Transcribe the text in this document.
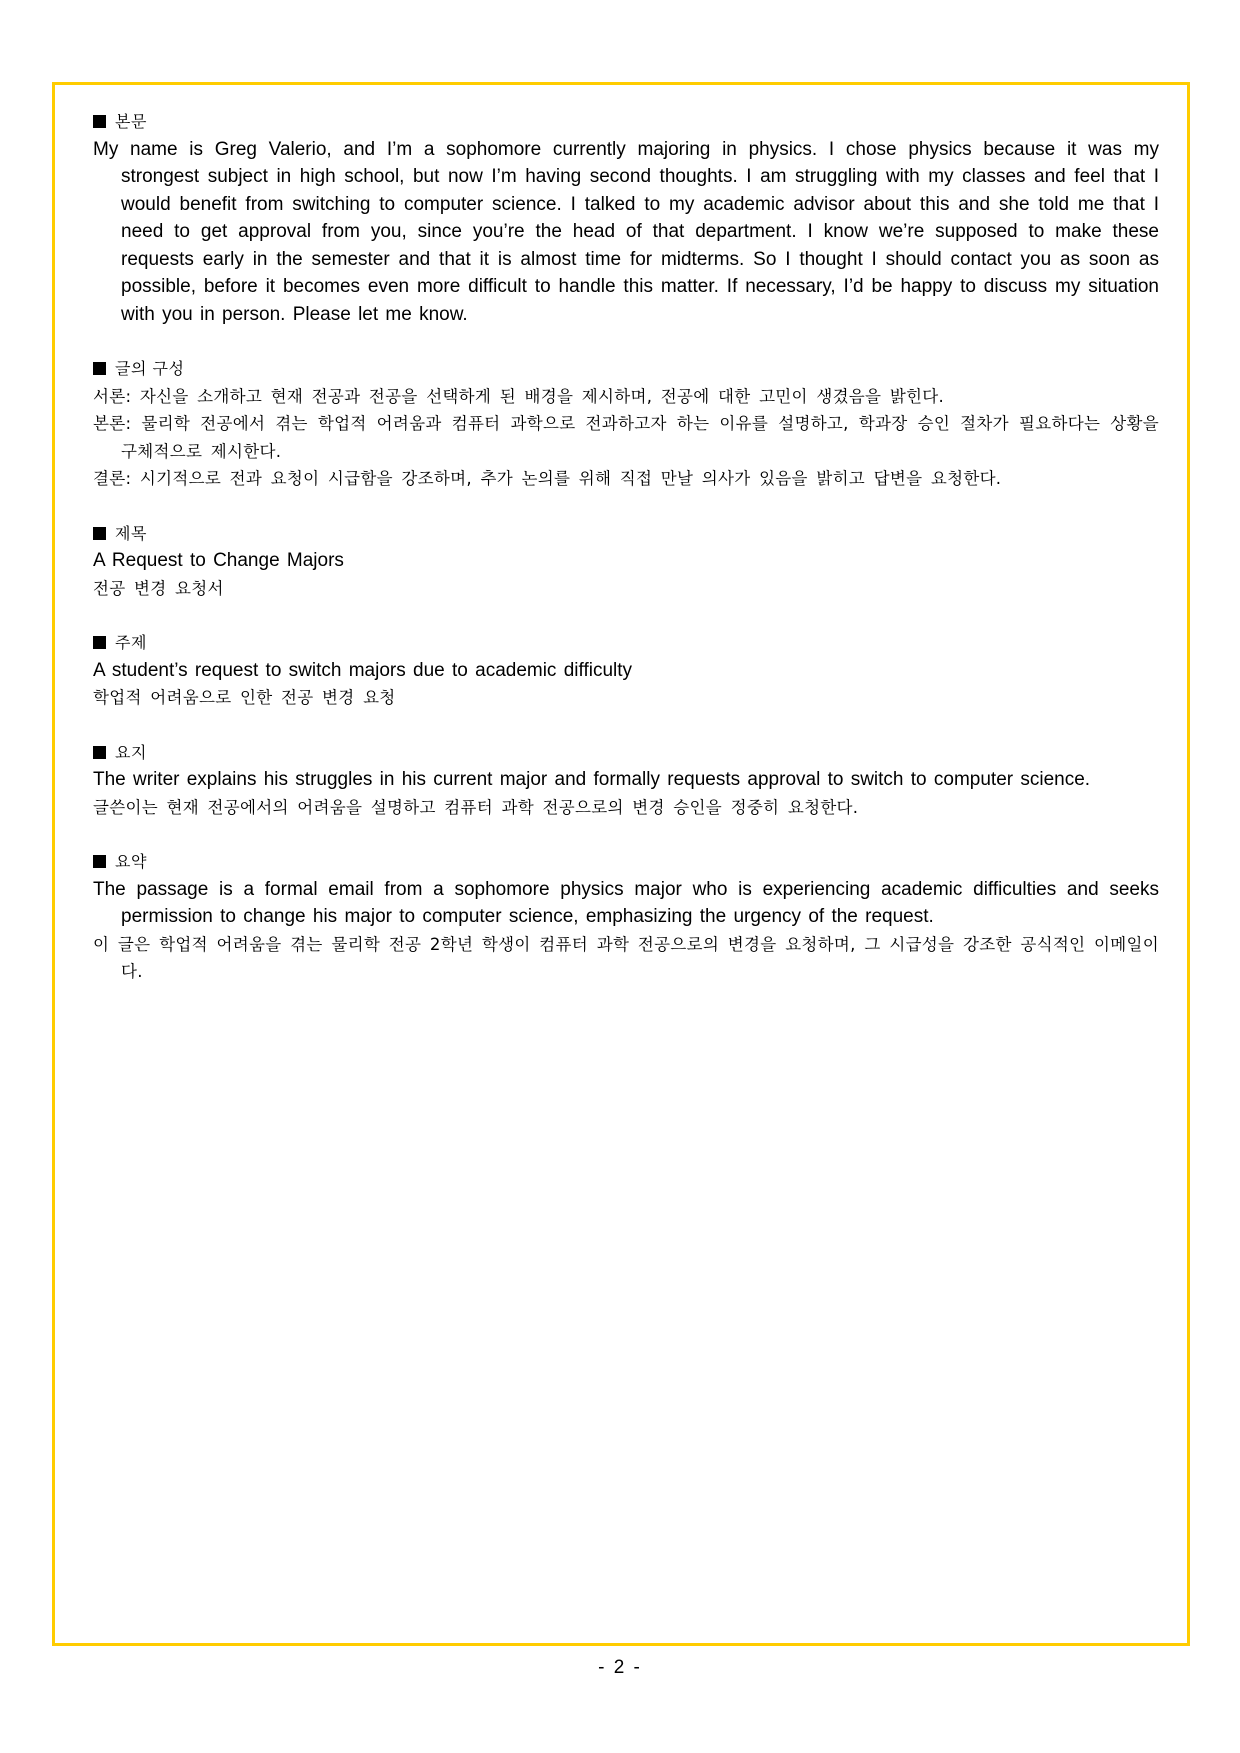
본문
My name is Greg Valerio, and I’m a sophomore currently majoring in physics. I chose physics because it was my strongest subject in high school, but now I’m having second thoughts. I am struggling with my classes and feel that I would benefit from switching to computer science. I talked to my academic advisor about this and she told me that I need to get approval from you, since you’re the head of that department. I know we’re supposed to make these requests early in the semester and that it is almost time for midterms. So I thought I should contact you as soon as possible, before it becomes even more difficult to handle this matter. If necessary, I’d be happy to discuss my situation with you in person. Please let me know.
글의 구성
서론: 자신을 소개하고 현재 전공과 전공을 선택하게 된 배경을 제시하며, 전공에 대한 고민이 생겼음을 밝힌다.
본론: 물리학 전공에서 겪는 학업적 어려움과 컴퓨터 과학으로 전과하고자 하는 이유를 설명하고, 학과장 승인 절차가 필요하다는 상황을 구체적으로 제시한다.
결론: 시기적으로 전과 요청이 시급함을 강조하며, 추가 논의를 위해 직접 만날 의사가 있음을 밝히고 답변을 요청한다.
제목
A Request to Change Majors
전공 변경 요청서
주제
A student’s request to switch majors due to academic difficulty
학업적 어려움으로 인한 전공 변경 요청
요지
The writer explains his struggles in his current major and formally requests approval to switch to computer science.
글쓴이는 현재 전공에서의 어려움을 설명하고 컴퓨터 과학 전공으로의 변경 승인을 정중히 요청한다.
요약
The passage is a formal email from a sophomore physics major who is experiencing academic difficulties and seeks permission to change his major to computer science, emphasizing the urgency of the request.
이 글은 학업적 어려움을 겪는 물리학 전공 2학년 학생이 컴퓨터 과학 전공으로의 변경을 요청하며, 그 시급성을 강조한 공식적인 이메일이다.
- 2 -
